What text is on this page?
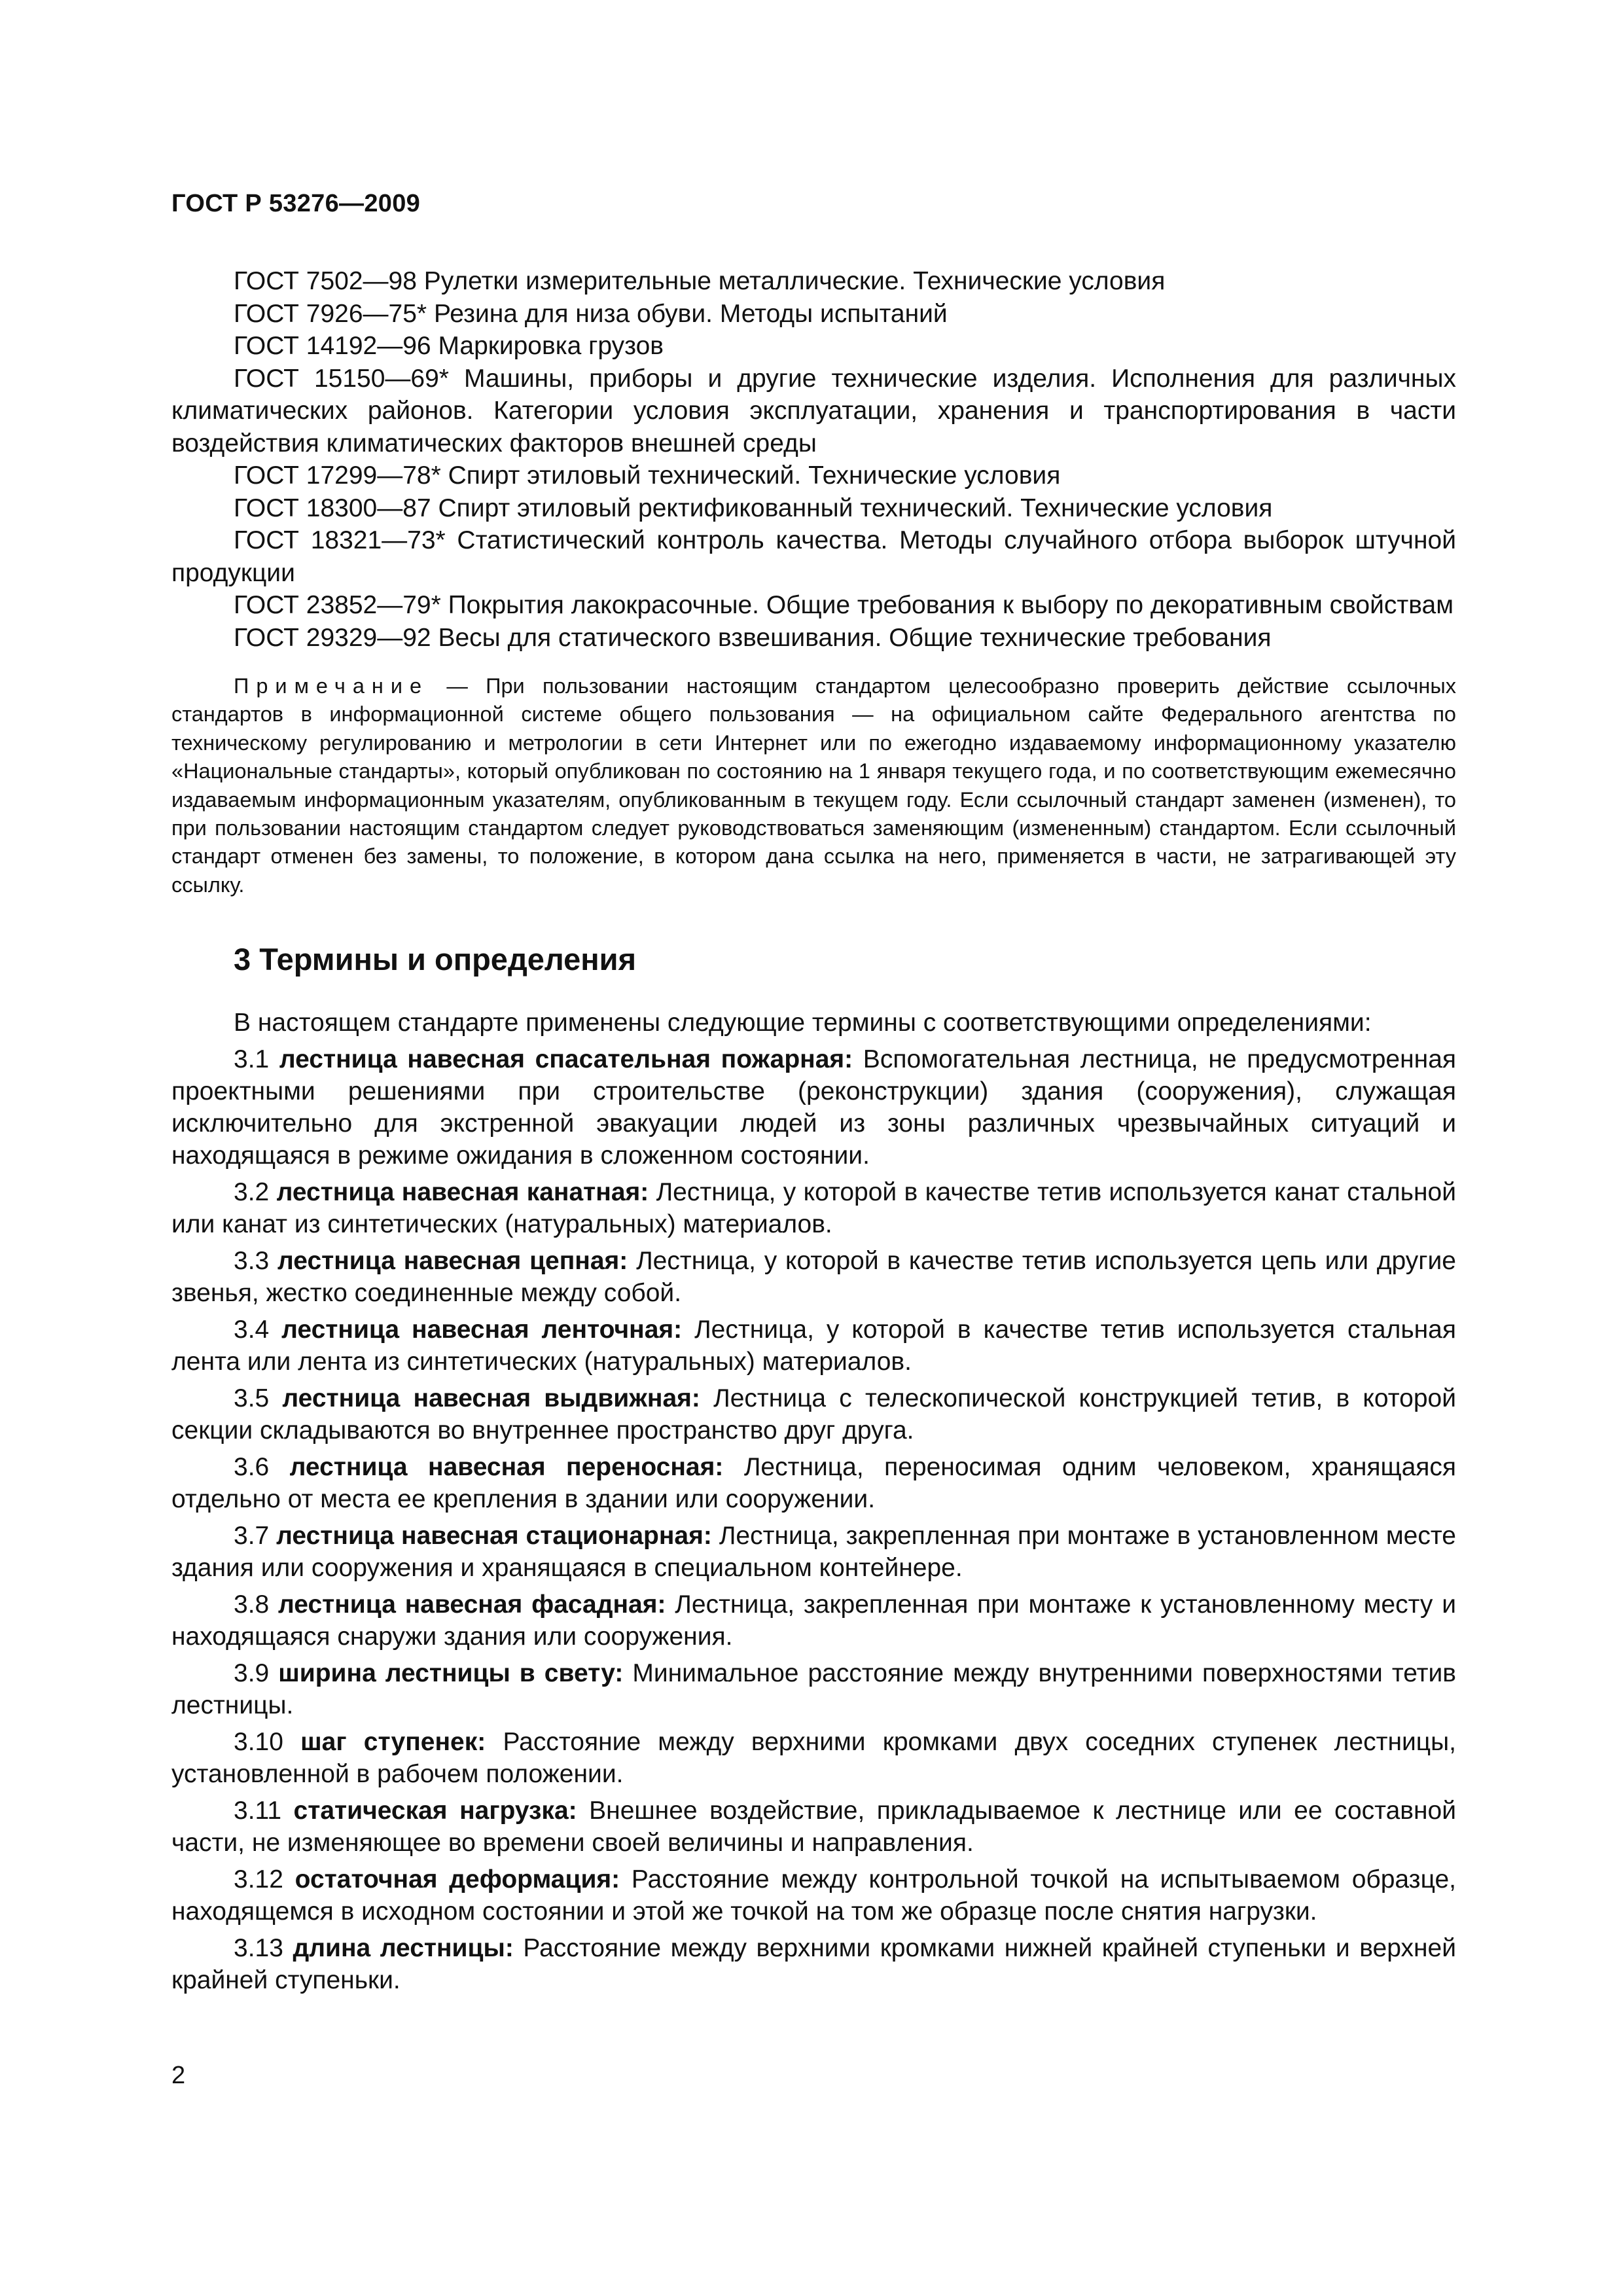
ГОСТ Р 53276—2009

ГОСТ 7502—98 Рулетки измерительные металлические. Технические условия

ГОСТ 7926—75* Резина для низа обуви. Методы испытаний

ГОСТ 14192—96 Маркировка грузов

ГОСТ 15150—69* Машины, приборы и другие технические изделия. Исполнения для различных климатических районов. Категории условия эксплуатации, хранения и транспортирования в части воздействия климатических факторов внешней среды

ГОСТ 17299—78* Спирт этиловый технический. Технические условия

ГОСТ 18300—87 Спирт этиловый ректификованный технический. Технические условия

ГОСТ 18321—73* Статистический контроль качества. Методы случайного отбора выборок штучной продукции

ГОСТ 23852—79* Покрытия лакокрасочные. Общие требования к выбору по декоративным свойствам

ГОСТ 29329—92 Весы для статического взвешивания. Общие технические требования

Примечание — При пользовании настоящим стандартом целесообразно проверить действие ссылочных стандартов в информационной системе общего пользования — на официальном сайте Федерального агентства по техническому регулированию и метрологии в сети Интернет или по ежегодно издаваемому информационному указателю «Национальные стандарты», который опубликован по состоянию на 1 января текущего года, и по соответствующим ежемесячно издаваемым информационным указателям, опубликованным в текущем году. Если ссылочный стандарт заменен (изменен), то при пользовании настоящим стандартом следует руководствоваться заменяющим (измененным) стандартом. Если ссылочный стандарт отменен без замены, то положение, в котором дана ссылка на него, применяется в части, не затрагивающей эту ссылку.

3 Термины и определения

В настоящем стандарте применены следующие термины с соответствующими определениями:

3.1 лестница навесная спасательная пожарная: Вспомогательная лестница, не предусмотренная проектными решениями при строительстве (реконструкции) здания (сооружения), служащая исключительно для экстренной эвакуации людей из зоны различных чрезвычайных ситуаций и находящаяся в режиме ожидания в сложенном состоянии.

3.2 лестница навесная канатная: Лестница, у которой в качестве тетив используется канат стальной или канат из синтетических (натуральных) материалов.

3.3 лестница навесная цепная: Лестница, у которой в качестве тетив используется цепь или другие звенья, жестко соединенные между собой.

3.4 лестница навесная ленточная: Лестница, у которой в качестве тетив используется стальная лента или лента из синтетических (натуральных) материалов.

3.5 лестница навесная выдвижная: Лестница с телескопической конструкцией тетив, в которой секции складываются во внутреннее пространство друг друга.

3.6 лестница навесная переносная: Лестница, переносимая одним человеком, хранящаяся отдельно от места ее крепления в здании или сооружении.

3.7 лестница навесная стационарная: Лестница, закрепленная при монтаже в установленном месте здания или сооружения и хранящаяся в специальном контейнере.

3.8 лестница навесная фасадная: Лестница, закрепленная при монтаже к установленному месту и находящаяся снаружи здания или сооружения.

3.9 ширина лестницы в свету: Минимальное расстояние между внутренними поверхностями тетив лестницы.

3.10 шаг ступенек: Расстояние между верхними кромками двух соседних ступенек лестницы, установленной в рабочем положении.

3.11 статическая нагрузка: Внешнее воздействие, прикладываемое к лестнице или ее составной части, не изменяющее во времени своей величины и направления.

3.12 остаточная деформация: Расстояние между контрольной точкой на испытываемом образце, находящемся в исходном состоянии и этой же точкой на том же образце после снятия нагрузки.

3.13 длина лестницы: Расстояние между верхними кромками нижней крайней ступеньки и верхней крайней ступеньки.

2
